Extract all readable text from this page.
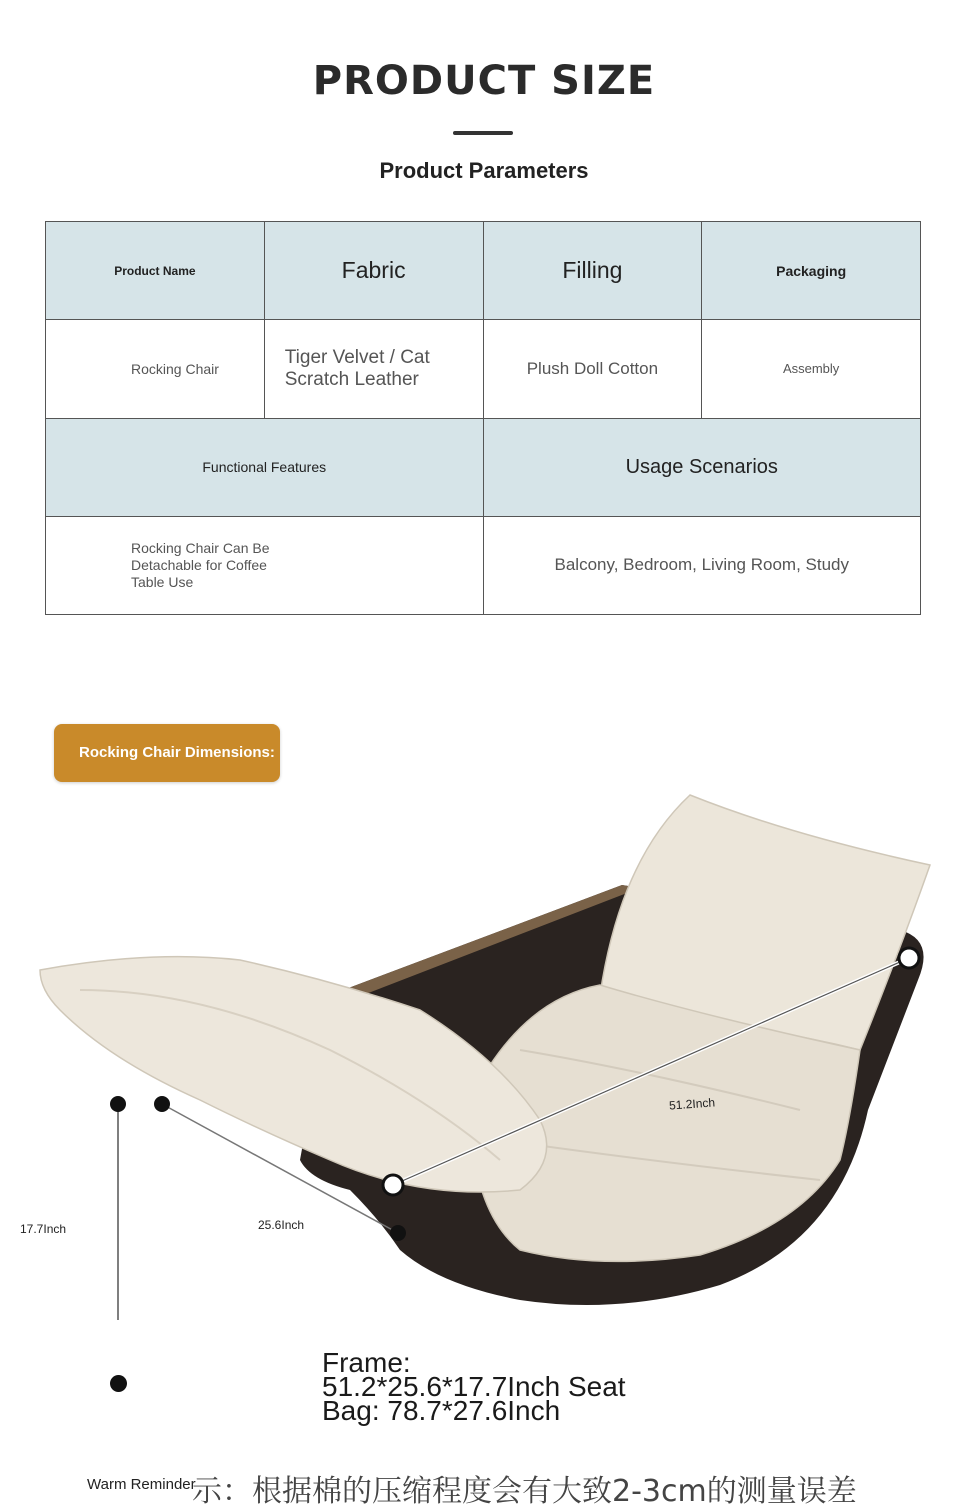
PRODUCT SIZE
Product Parameters
Product Name	Fabric	Filling	Packaging
Rocking Chair	Tiger Velvet / Cat Scratch Leather	Plush Doll Cotton	Assembly
Functional Features		Usage Scenarios	
Rocking Chair Can Be Detachable for Coffee Table Use		Balcony, Bedroom, Living Room, Study	
Rocking Chair Dimensions:
51.2Inch
25.6Inch
17.7Inch
Frame:
51.2*25.6*17.7Inch Seat
Bag: 78.7*27.6Inch
Warm Reminder
示：根据棉的压缩程度会有大致2-3cm的测量误差
